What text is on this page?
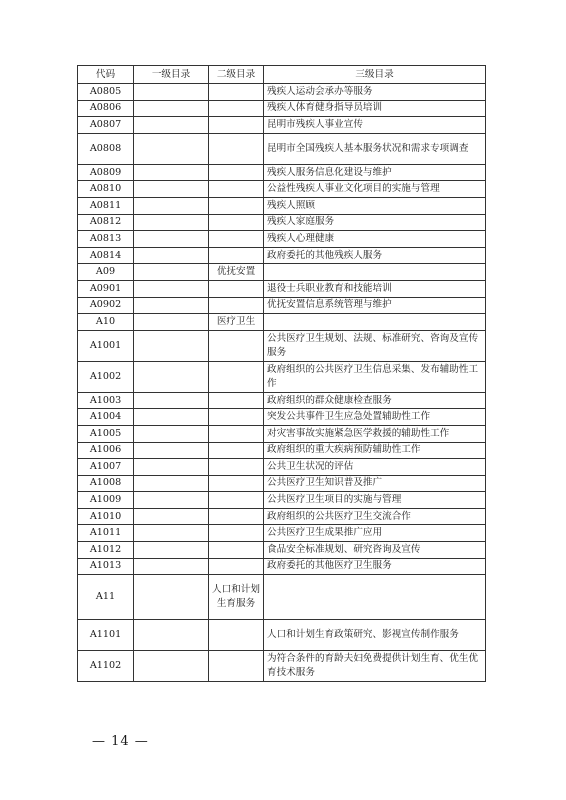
代码	一级目录	二级目录	三级目录
A0805			残疾人运动会承办等服务
A0806			残疾人体育健身指导员培训
A0807			昆明市残疾人事业宣传
A0808			昆明市全国残疾人基本服务状况和需求专项调查
A0809			残疾人服务信息化建设与维护
A0810			公益性残疾人事业文化项目的实施与管理
A0811			残疾人照顾
A0812			残疾人家庭服务
A0813			残疾人心理健康
A0814			政府委托的其他残疾人服务
A09		优抚安置	
A0901			退役士兵职业教育和技能培训
A0902			优抚安置信息系统管理与维护
A10		医疗卫生	
A1001			公共医疗卫生规划、法规、标准研究、咨询及宣传服务
A1002			政府组织的公共医疗卫生信息采集、发布辅助性工作
A1003			政府组织的群众健康检查服务
A1004			突发公共事件卫生应急处置辅助性工作
A1005			对灾害事故实施紧急医学救援的辅助性工作
A1006			政府组织的重大疾病预防辅助性工作
A1007			公共卫生状况的评估
A1008			公共医疗卫生知识普及推广
A1009			公共医疗卫生项目的实施与管理
A1010			政府组织的公共医疗卫生交流合作
A1011			公共医疗卫生成果推广应用
A1012			食品安全标准规划、研究咨询及宣传
A1013			政府委托的其他医疗卫生服务
A11		人口和计划生育服务	
A1101			人口和计划生育政策研究、影视宣传制作服务
A1102			为符合条件的育龄夫妇免费提供计划生育、优生优育技术服务
— 14 —
